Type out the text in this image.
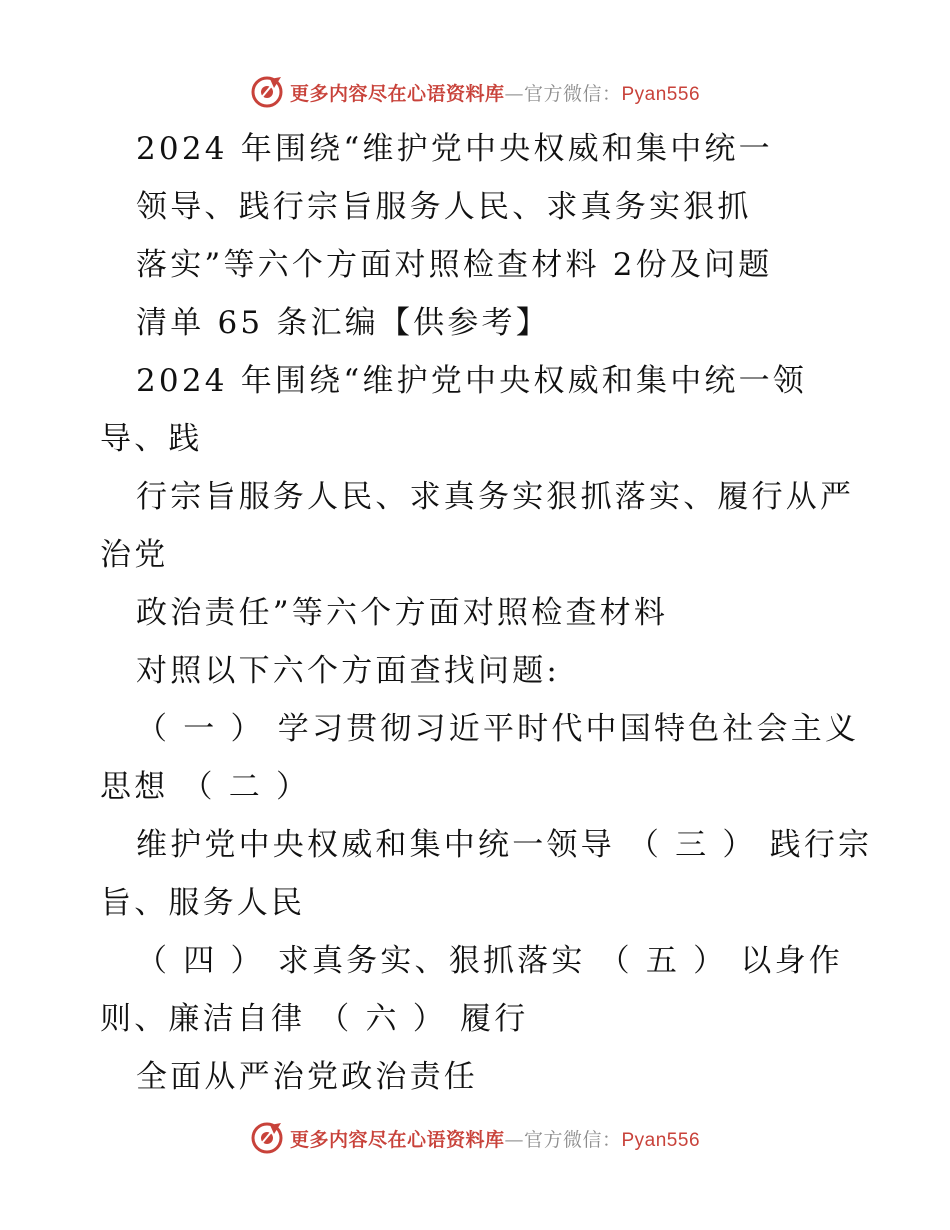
更多内容尽在心语资料库—官方微信：Pyan556
2024 年围绕“维护党中央权威和集中统一
领导、践行宗旨服务人民、求真务实狠抓
落实”等六个方面对照检查材料 2份及问题
清单 65 条汇编【供参考】
2024 年围绕“维护党中央权威和集中统一领
导、践
行宗旨服务人民、求真务实狠抓落实、履行从严
治党
政治责任”等六个方面对照检查材料
对照以下六个方面查找问题:
（ 一 ） 学习贯彻习近平时代中国特色社会主义
思想 （ 二 ）
维护党中央权威和集中统一领导 （ 三 ） 践行宗
旨、服务人民
（ 四 ） 求真务实、狠抓落实 （ 五 ） 以身作
则、廉洁自律 （ 六 ） 履行
全面从严治党政治责任
更多内容尽在心语资料库—官方微信：Pyan556
